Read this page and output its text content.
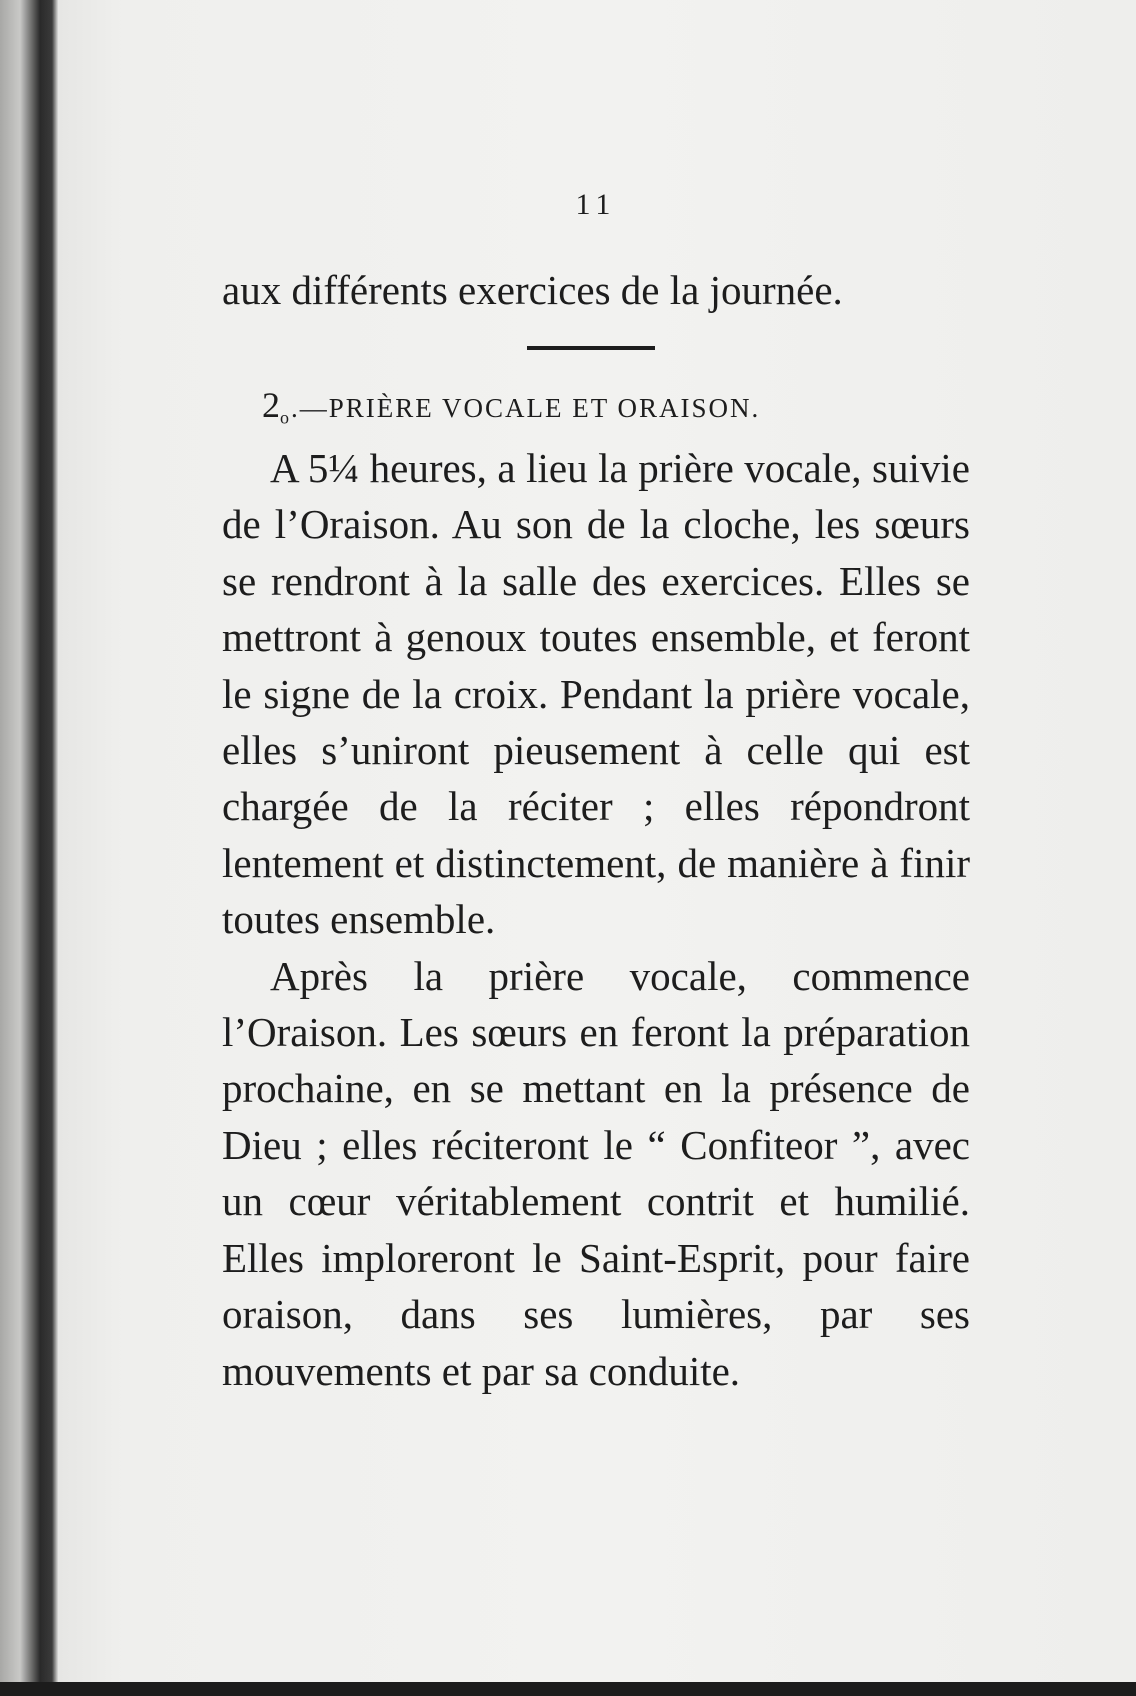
11
aux différents exercices de la journée.
$2_o.—PRIÈRE$ VOCALE ET ORAISON.

A 5¼ heures, a lieu la prière vocale, suivie de l’Oraison. Au son de la cloche, les sœurs se rendront à la salle des exercices. Elles se mettront à genoux toutes ensemble, et feront le signe de la croix. Pendant la prière vocale, elles s’uniront pieusement à celle qui est chargée de la réciter ; elles répondront lentement et distinctement, de manière à finir toutes ensemble.

Après la prière vocale, commence l’Oraison. Les sœurs en feront la préparation prochaine, en se mettant en la présence de Dieu ; elles réciteront le “ Confiteor ”, avec un cœur véritablement contrit et humilié. Elles imploreront le Saint-Esprit, pour faire oraison, dans ses lumières, par ses mouvements et par sa conduite.
